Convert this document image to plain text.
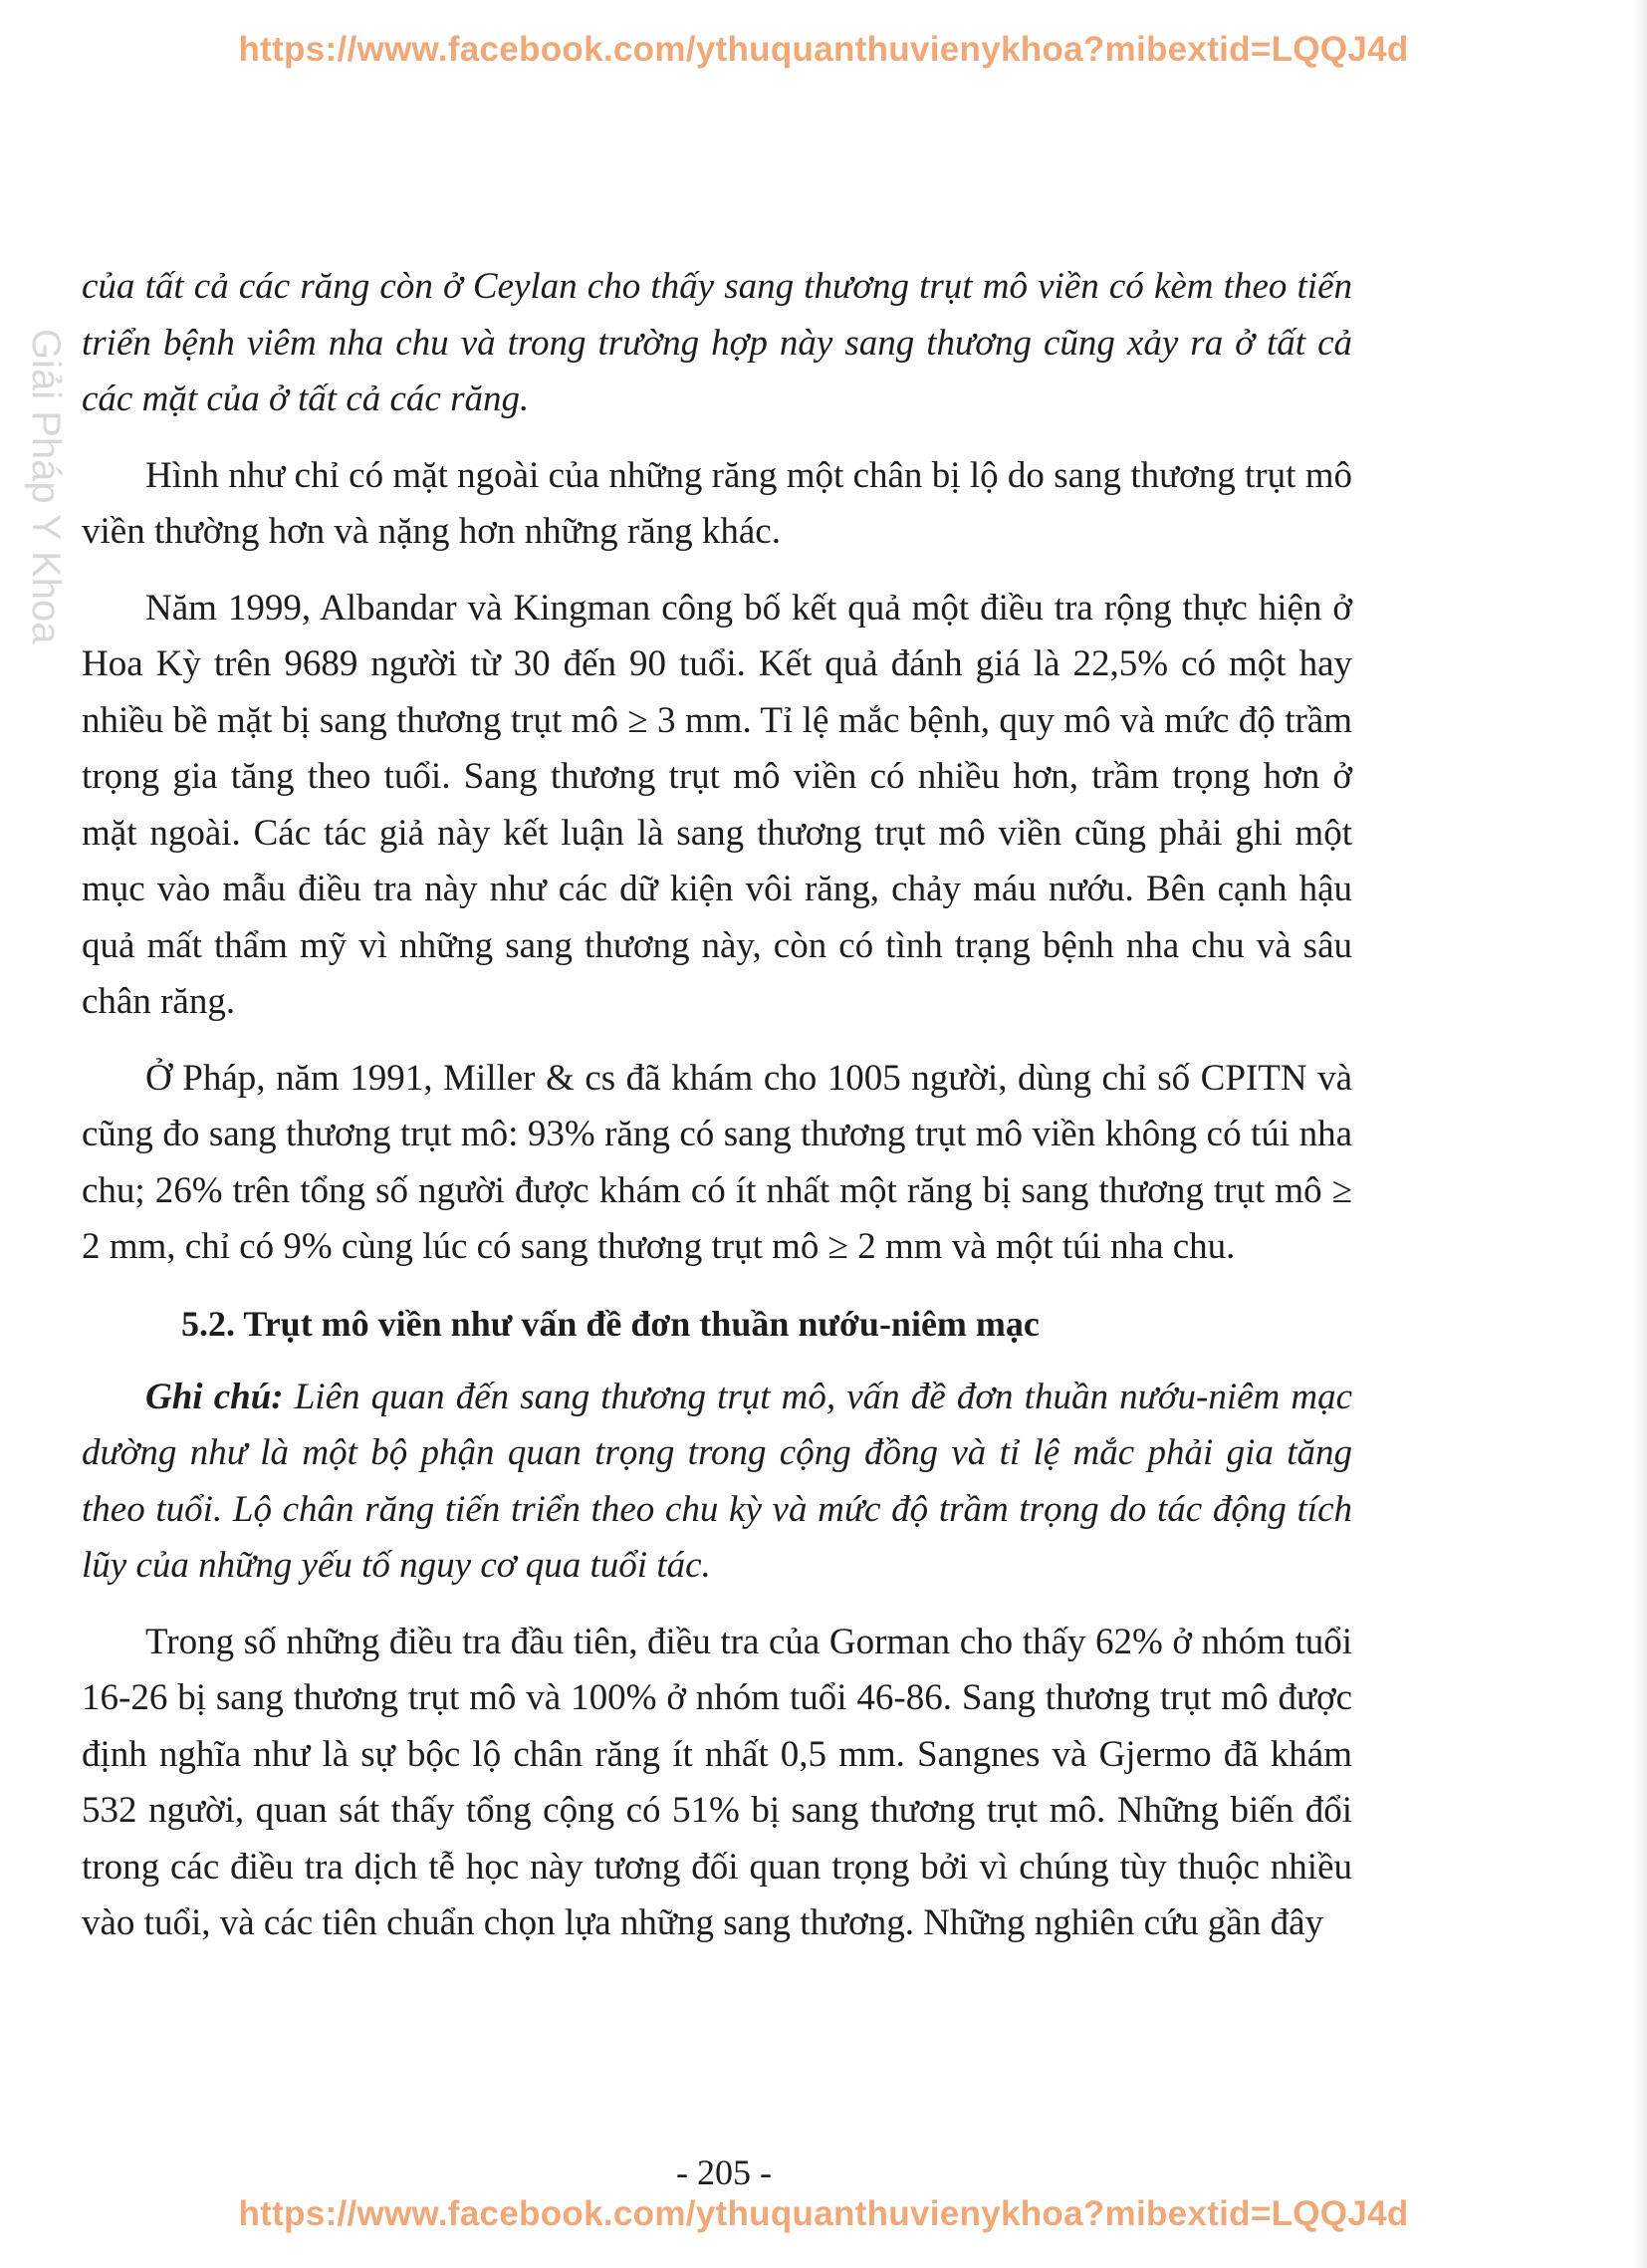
https://www.facebook.com/ythuquanthuvienykhoa?mibextid=LQQJ4d
Giải Pháp Y Khoa

của tất cả các răng còn ở Ceylan cho thấy sang thương trụt mô viền có kèm theo tiến triển bệnh viêm nha chu và trong trường hợp này sang thương cũng xảy ra ở tất cả các mặt của ở tất cả các răng.

Hình như chỉ có mặt ngoài của những răng một chân bị lộ do sang thương trụt mô viền thường hơn và nặng hơn những răng khác.

Năm 1999, Albandar và Kingman công bố kết quả một điều tra rộng thực hiện ở Hoa Kỳ trên 9689 người từ 30 đến 90 tuổi. Kết quả đánh giá là 22,5% có một hay nhiều bề mặt bị sang thương trụt mô ≥ 3 mm. Tỉ lệ mắc bệnh, quy mô và mức độ trầm trọng gia tăng theo tuổi. Sang thương trụt mô viền có nhiều hơn, trầm trọng hơn ở mặt ngoài. Các tác giả này kết luận là sang thương trụt mô viền cũng phải ghi một mục vào mẫu điều tra này như các dữ kiện vôi răng, chảy máu nướu. Bên cạnh hậu quả mất thẩm mỹ vì những sang thương này, còn có tình trạng bệnh nha chu và sâu chân răng.

Ở Pháp, năm 1991, Miller & cs đã khám cho 1005 người, dùng chỉ số CPITN và cũng đo sang thương trụt mô: 93% răng có sang thương trụt mô viền không có túi nha chu; 26% trên tổng số người được khám có ít nhất một răng bị sang thương trụt mô ≥ 2 mm, chỉ có 9% cùng lúc có sang thương trụt mô ≥ 2 mm và một túi nha chu.

5.2. Trụt mô viền như vấn đề đơn thuần nướu-niêm mạc

Ghi chú: Liên quan đến sang thương trụt mô, vấn đề đơn thuần nướu-niêm mạc dường như là một bộ phận quan trọng trong cộng đồng và tỉ lệ mắc phải gia tăng theo tuổi. Lộ chân răng tiến triển theo chu kỳ và mức độ trầm trọng do tác động tích lũy của những yếu tố nguy cơ qua tuổi tác.

Trong số những điều tra đầu tiên, điều tra của Gorman cho thấy 62% ở nhóm tuổi 16-26 bị sang thương trụt mô và 100% ở nhóm tuổi 46-86. Sang thương trụt mô được định nghĩa như là sự bộc lộ chân răng ít nhất 0,5 mm. Sangnes và Gjermo đã khám 532 người, quan sát thấy tổng cộng có 51% bị sang thương trụt mô. Những biến đổi trong các điều tra dịch tễ học này tương đối quan trọng bởi vì chúng tùy thuộc nhiều vào tuổi, và các tiên chuẩn chọn lựa những sang thương. Những nghiên cứu gần đây

- 205 -
https://www.facebook.com/ythuquanthuvienykhoa?mibextid=LQQJ4d
